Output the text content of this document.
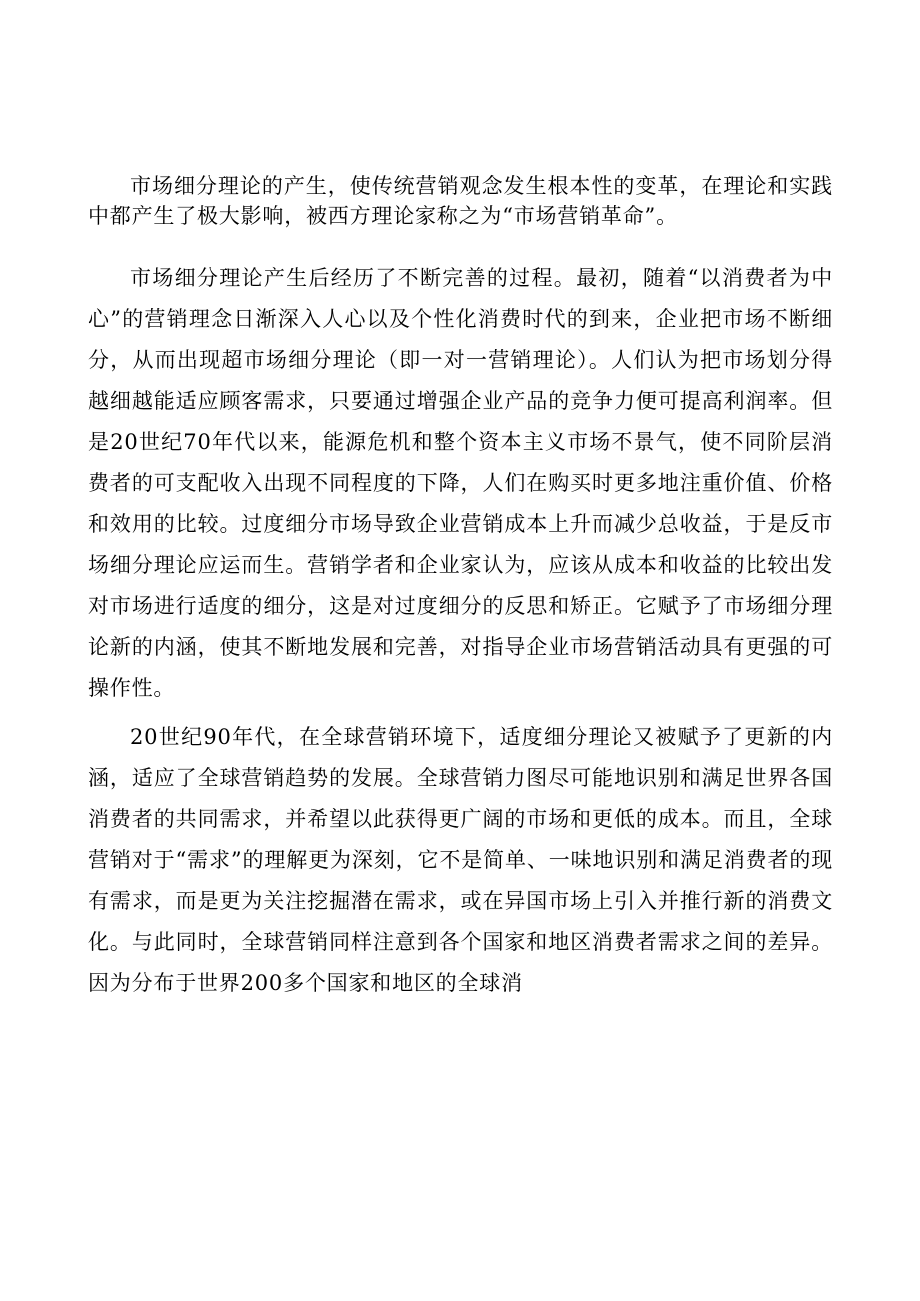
市场细分理论的产生，使传统营销观念发生根本性的变革，在理论和实践中都产生了极大影响，被西方理论家称之为“市场营销革命”。

市场细分理论产生后经历了不断完善的过程。最初，随着“以消费者为中心”的营销理念日渐深入人心以及个性化消费时代的到来，企业把市场不断细分，从而出现超市场细分理论（即一对一营销理论）。人们认为把市场划分得越细越能适应顾客需求，只要通过增强企业产品的竞争力便可提高利润率。但是20世纪70年代以来，能源危机和整个资本主义市场不景气，使不同阶层消费者的可支配收入出现不同程度的下降，人们在购买时更多地注重价值、价格和效用的比较。过度细分市场导致企业营销成本上升而减少总收益，于是反市场细分理论应运而生。营销学者和企业家认为，应该从成本和收益的比较出发对市场进行适度的细分，这是对过度细分的反思和矫正。它赋予了市场细分理论新的内涵，使其不断地发展和完善，对指导企业市场营销活动具有更强的可操作性。

20世纪90年代，在全球营销环境下，适度细分理论又被赋予了更新的内涵，适应了全球营销趋势的发展。全球营销力图尽可能地识别和满足世界各国消费者的共同需求，并希望以此获得更广阔的市场和更低的成本。而且，全球营销对于“需求”的理解更为深刻，它不是简单、一味地识别和满足消费者的现有需求，而是更为关注挖掘潜在需求，或在异国市场上引入并推行新的消费文化。与此同时，全球营销同样注意到各个国家和地区消费者需求之间的差异。因为分布于世界200多个国家和地区的全球消
